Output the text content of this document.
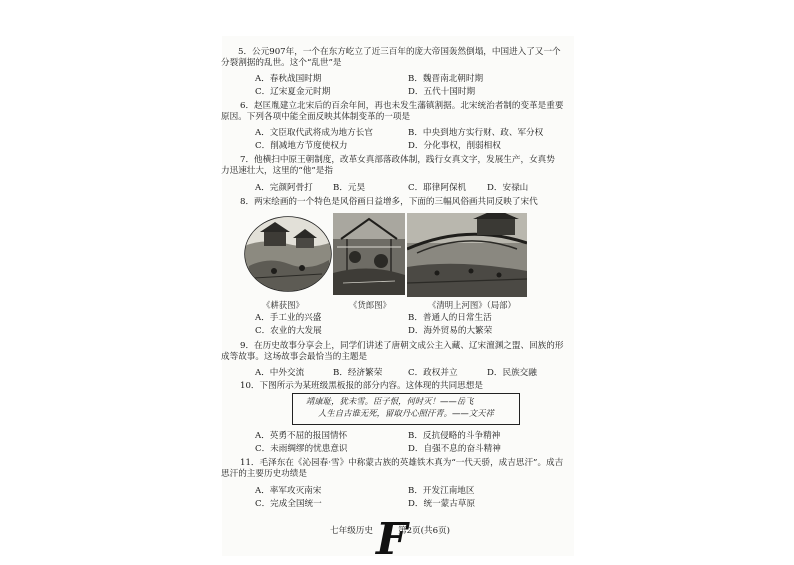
5．公元907年，一个在东方屹立了近三百年的庞大帝国轰然倒塌，中国进入了又一个
分裂割据的乱世。这个“乱世”是
A．春秋战国时期	B．魏晋南北朝时期
C．辽宋夏金元时期	D．五代十国时期
6．赵匡胤建立北宋后的百余年间，再也未发生藩镇割据。北宋统治者制的变革是重要
原因。下列各项中能全面反映其体制变革的一项是
A．文臣取代武将成为地方长官	B．中央到地方实行财、政、军分权
C．削减地方节度使权力	D．分化事权，削弱相权
7．他横扫中原王朝制度，改革女真部落政体制，践行女真文字，发展生产，女真势
力迅速壮大，这里的“他”是指
A．完颜阿骨打 B．元昊	C．耶律阿保机 D．安禄山
8．两宋绘画的一个特色是风俗画日益增多，下面的三幅风俗画共同反映了宋代
《耕获图》	《货郎图》	《清明上河图》（局部）
A．手工业的兴盛	B．普通人的日常生活
C．农业的大发展	D．海外贸易的大繁荣
9．在历史故事分享会上，同学们讲述了唐朝文成公主入藏、辽宋澶渊之盟、回族的形
成等故事。这场故事会最恰当的主题是
A．中外交流	B．经济繁荣	C．政权并立	D．民族交融
10．下图所示为某班级黑板报的部分内容。这体现的共同思想是
靖康耻，犹未雪。臣子恨，何时灭！——岳飞
人生自古谁无死，留取丹心照汗青。——文天祥
A．英勇不屈的报国情怀	B．反抗侵略的斗争精神
C．未雨绸缪的忧患意识	D．自强不息的奋斗精神
11．毛泽东在《沁园春·雪》中称蒙古族的英雄铁木真为“一代天骄，成吉思汗”。成吉
思汗的主要历史功绩是
A．率军攻灭南宋	B．开发江南地区
C．完成全国统一	D．统一蒙古草原
七年级历史	第2页(共6页)
F
